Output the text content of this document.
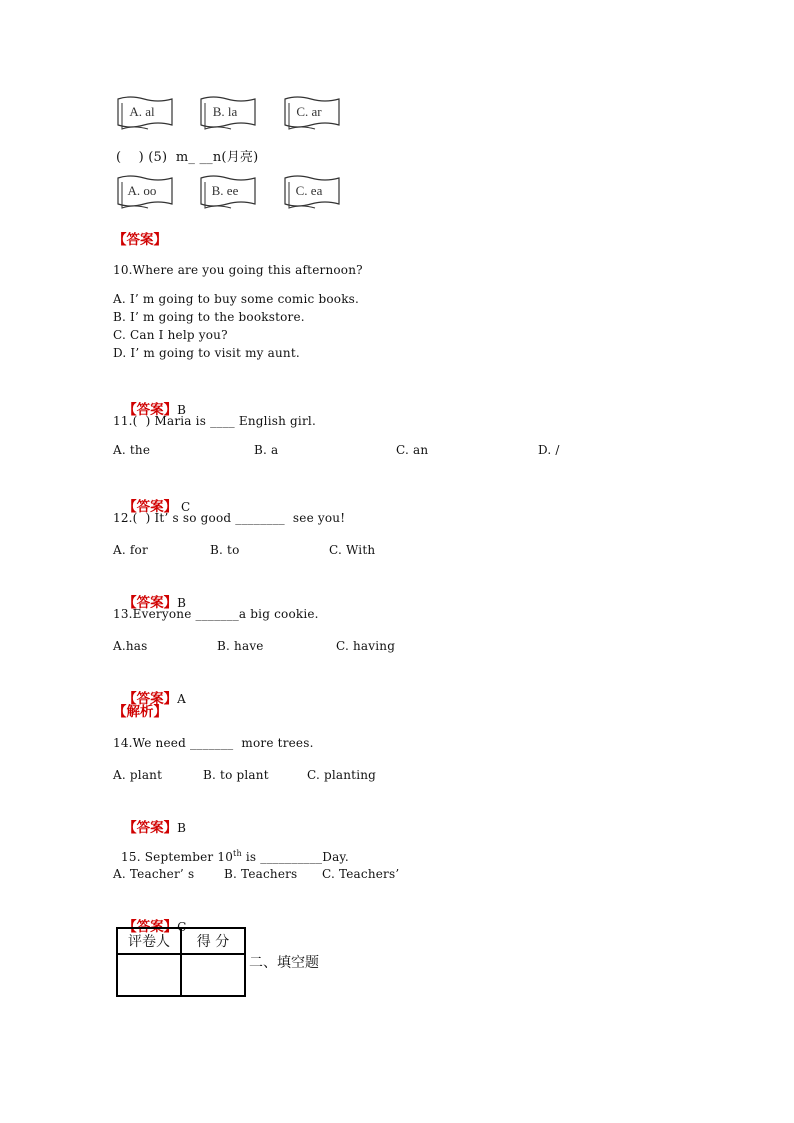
A. al	B. la	C. ar
(    ) (5)  m_ __n(月亮)
A. oo	B. ee	C. ea
【答案】
10.Where are you going this afternoon?
A. I’ m going to buy some comic books.
B. I’ m going to the bookstore.
C. Can I help you?
D. I’ m going to visit my aunt.

【答案】B

11.(  ) Maria is ____ English girl.
A. the	B. a	C. an	D. /

【答案】 C

12.(  ) It’ s so good ________  see you!
A. for	B. to	C. With

【答案】B

13.Everyone _______a big cookie.
A.has	B. have	C. having

【答案】A

【解析】
14.We need _______  more trees.
A. plant	B. to plant	C. planting

【答案】B

15. September 10th is __________Day.

A. Teacher’ s B. Teachers C. Teachers’

【答案】C

评卷人	得 分

二、填空题
